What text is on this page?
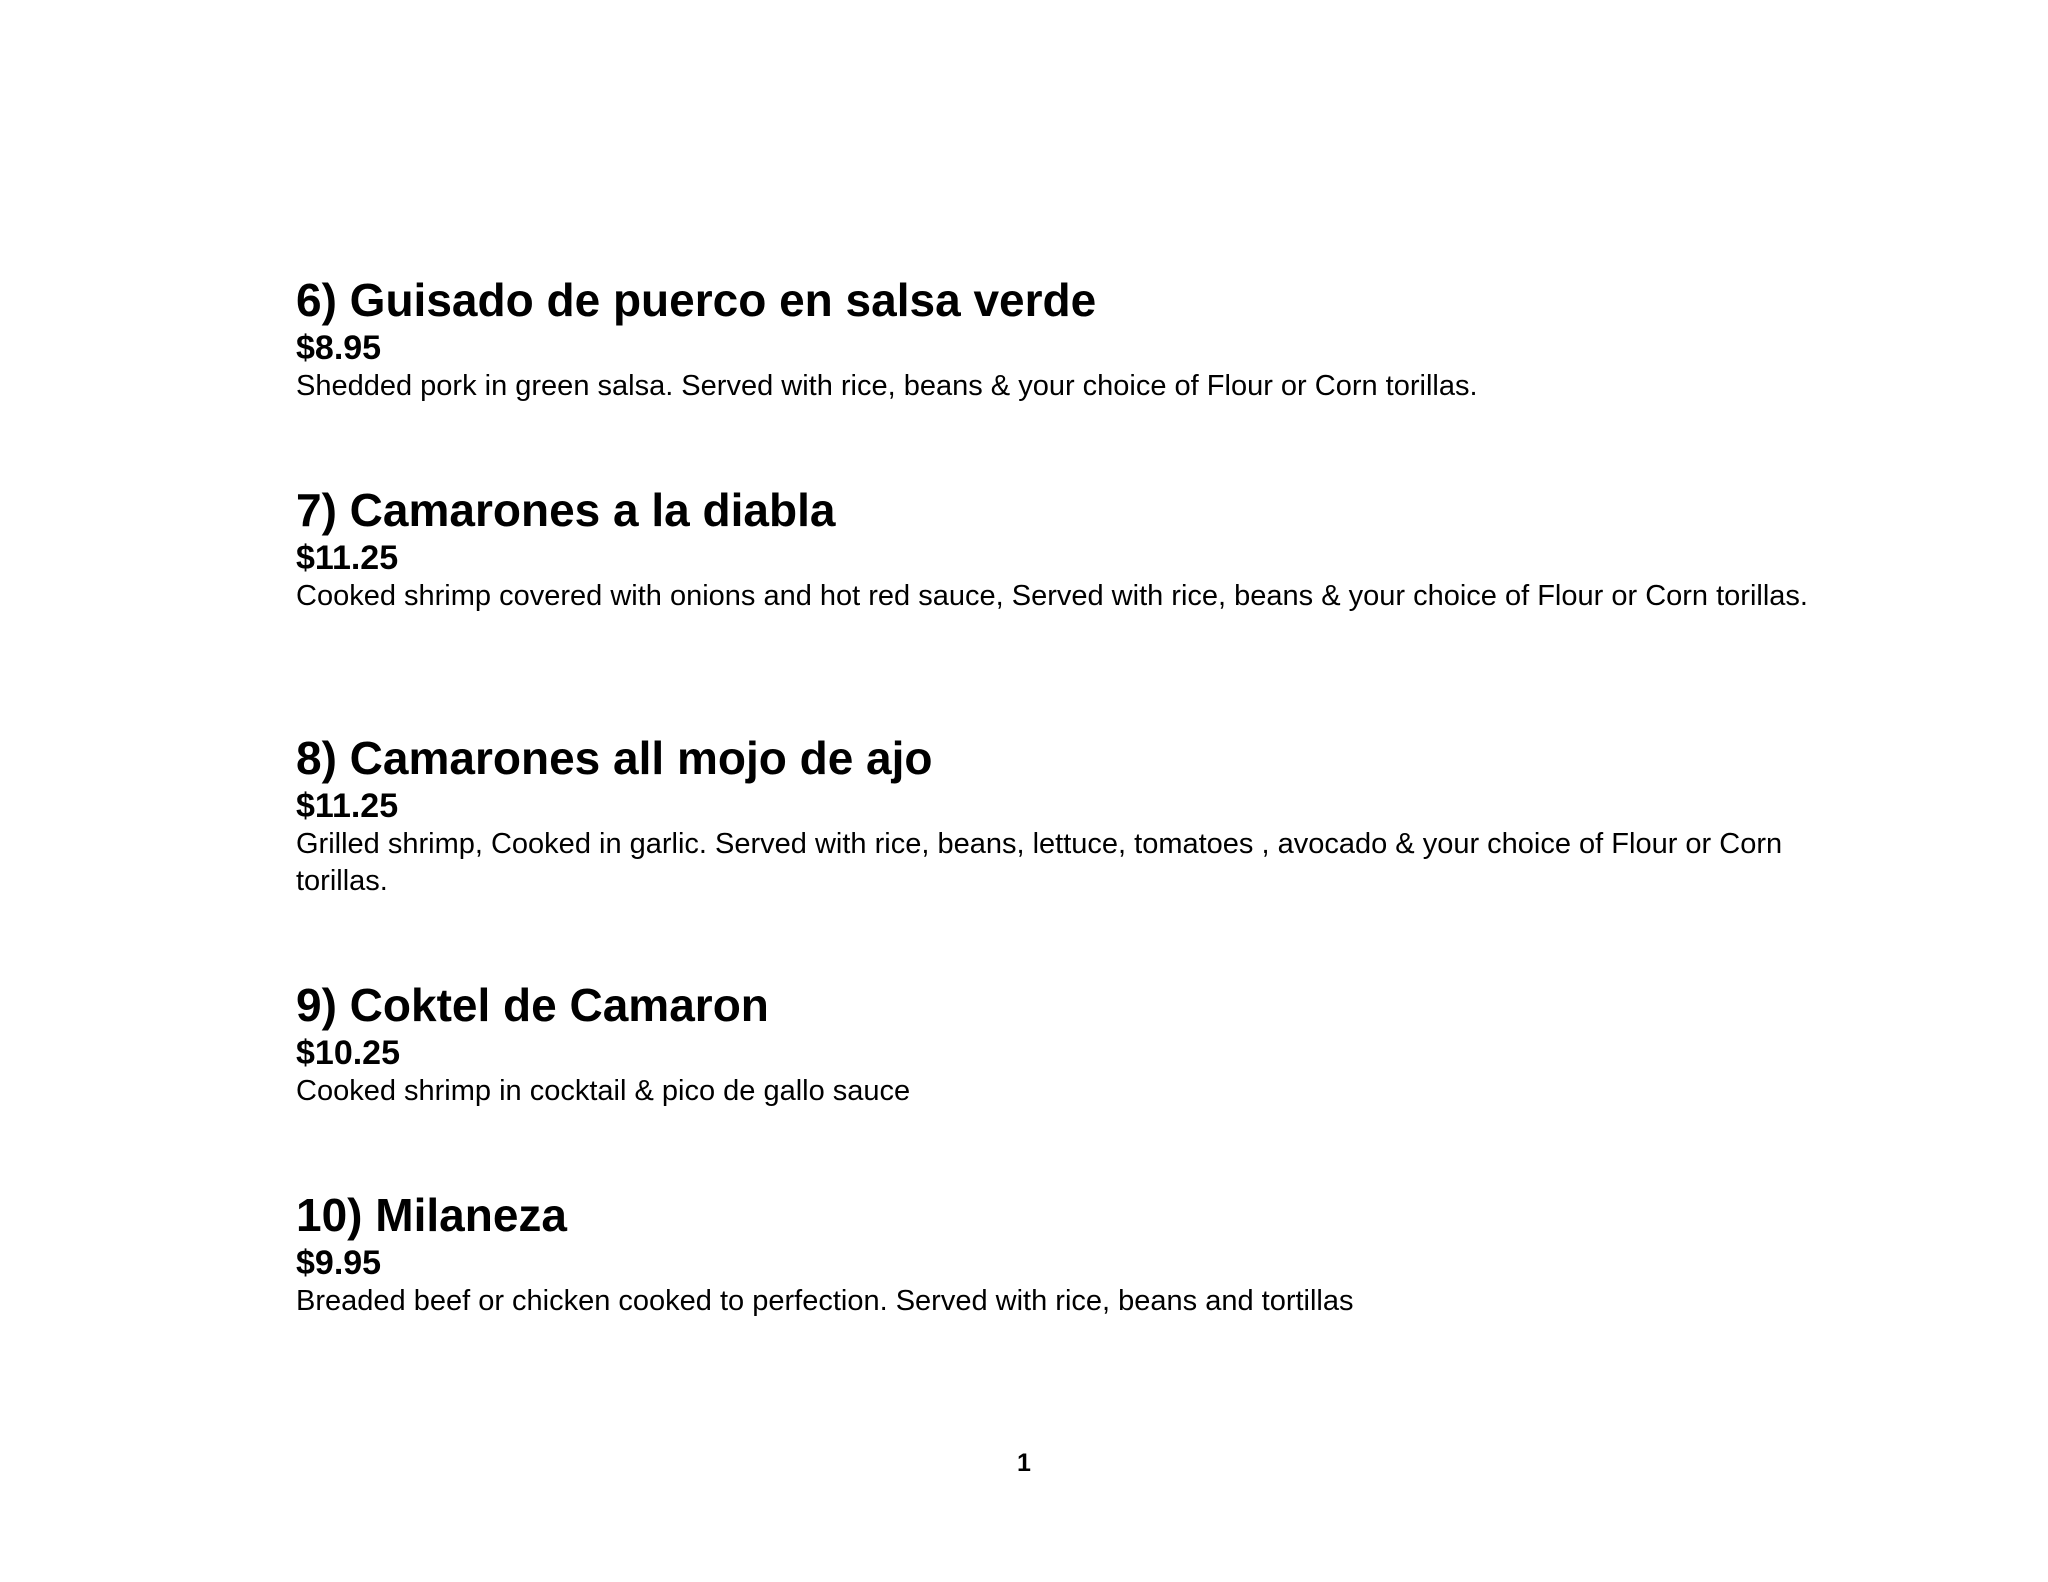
6) Guisado de puerco en salsa verde
$8.95

Shedded pork in green salsa. Served with rice, beans & your choice of Flour or Corn torillas.

7) Camarones a la diabla
$11.25

Cooked shrimp covered with onions and hot red sauce, Served with rice, beans & your choice of Flour or Corn torillas.

8) Camarones all mojo de ajo
$11.25

Grilled shrimp, Cooked in garlic. Served with rice, beans, lettuce, tomatoes , avocado & your choice of Flour or Corn torillas.

9) Coktel de Camaron
$10.25

Cooked shrimp in cocktail & pico de gallo sauce

10) Milaneza
$9.95

Breaded beef or chicken cooked to perfection. Served with rice, beans and tortillas

1
